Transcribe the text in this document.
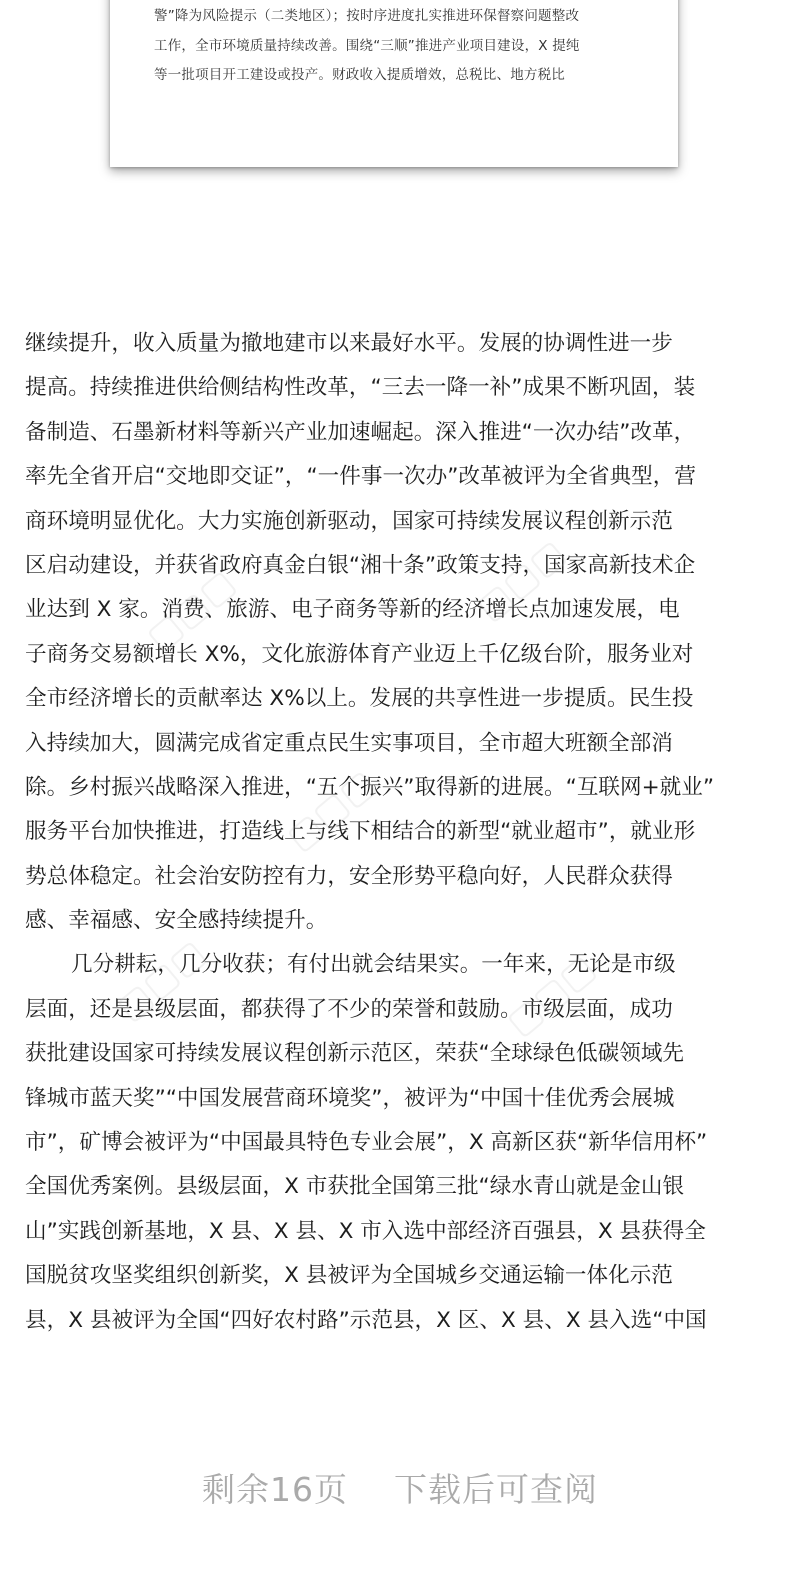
警”降为风险提示（二类地区）；按时序进度扎实推进环保督察问题整改
工作，全市环境质量持续改善。围绕“三顺”推进产业项目建设，X 提纯
等一批项目开工建设或投产。财政收入提质增效，总税比、地方税比
继续提升，收入质量为撤地建市以来最好水平。发展的协调性进一步
提高。持续推进供给侧结构性改革，“三去一降一补”成果不断巩固，装
备制造、石墨新材料等新兴产业加速崛起。深入推进“一次办结”改革，
率先全省开启“交地即交证”，“一件事一次办”改革被评为全省典型，营
商环境明显优化。大力实施创新驱动，国家可持续发展议程创新示范
区启动建设，并获省政府真金白银“湘十条”政策支持，国家高新技术企
业达到 X 家。消费、旅游、电子商务等新的经济增长点加速发展，电
子商务交易额增长 X%，文化旅游体育产业迈上千亿级台阶，服务业对
全市经济增长的贡献率达 X%以上。发展的共享性进一步提质。民生投
入持续加大，圆满完成省定重点民生实事项目，全市超大班额全部消
除。乡村振兴战略深入推进，“五个振兴”取得新的进展。“互联网+就业”
服务平台加快推进，打造线上与线下相结合的新型“就业超市”，就业形
势总体稳定。社会治安防控有力，安全形势平稳向好，人民群众获得
感、幸福感、安全感持续提升。
几分耕耘，几分收获；有付出就会结果实。一年来，无论是市级
层面，还是县级层面，都获得了不少的荣誉和鼓励。市级层面，成功
获批建设国家可持续发展议程创新示范区，荣获“全球绿色低碳领域先
锋城市蓝天奖”“中国发展营商环境奖”，被评为“中国十佳优秀会展城
市”，矿博会被评为“中国最具特色专业会展”，X 高新区获“新华信用杯”
全国优秀案例。县级层面，X 市获批全国第三批“绿水青山就是金山银
山”实践创新基地，X 县、X 县、X 市入选中部经济百强县，X 县获得全
国脱贫攻坚奖组织创新奖，X 县被评为全国城乡交通运输一体化示范
县，X 县被评为全国“四好农村路”示范县，X 区、X 县、X 县入选“中国
▢▢▢	▢▢▢
▢▢▢
▢▢▢	▢▢▢
剩余16页 下载后可查阅
